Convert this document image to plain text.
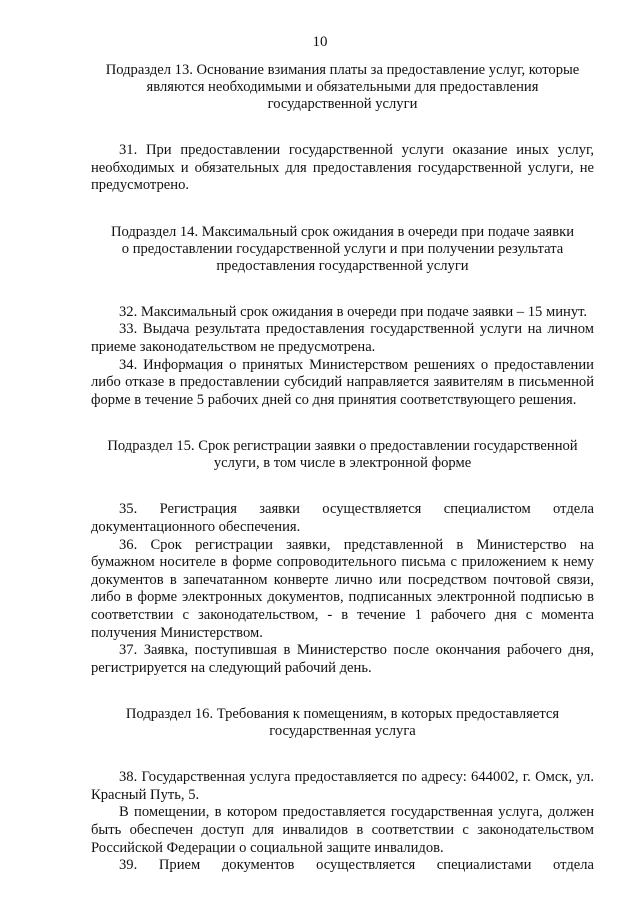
10
Подраздел 13. Основание взимания платы за предоставление услуг, которые
являются необходимыми и обязательными для предоставления
государственной услуги

31. При предоставлении государственной услуги оказание иных услуг, необходимых и обязательных для предоставления государственной услуги, не предусмотрено.

Подраздел 14. Максимальный срок ожидания в очереди при подаче заявки
о предоставлении государственной услуги и при получении результата
предоставления государственной услуги

32. Максимальный срок ожидания в очереди при подаче заявки – 15 минут.

33. Выдача результата предоставления государственной услуги на личном приеме законодательством не предусмотрена.

34. Информация о принятых Министерством решениях о предоставлении либо отказе в предоставлении субсидий направляется заявителям в письменной форме в течение 5 рабочих дней со дня принятия соответствующего решения.

Подраздел 15. Срок регистрации заявки о предоставлении государственной
услуги, в том числе в электронной форме

35. Регистрация заявки осуществляется специалистом отдела документационного обеспечения.

36. Срок регистрации заявки, представленной в Министерство на бумажном носителе в форме сопроводительного письма с приложением к нему документов в запечатанном конверте лично или посредством почтовой связи, либо в форме электронных документов, подписанных электронной подписью в соответствии с законодательством, - в течение 1 рабочего дня с момента получения Министерством.

37. Заявка, поступившая в Министерство после окончания рабочего дня, регистрируется на следующий рабочий день.

Подраздел 16. Требования к помещениям, в которых предоставляется
государственная услуга

38. Государственная услуга предоставляется по адресу: 644002, г. Омск, ул. Красный Путь, 5.

В помещении, в котором предоставляется государственная услуга, должен быть обеспечен доступ для инвалидов в соответствии с законодательством Российской Федерации о социальной защите инвалидов.

39. Прием документов осуществляется специалистами отдела
